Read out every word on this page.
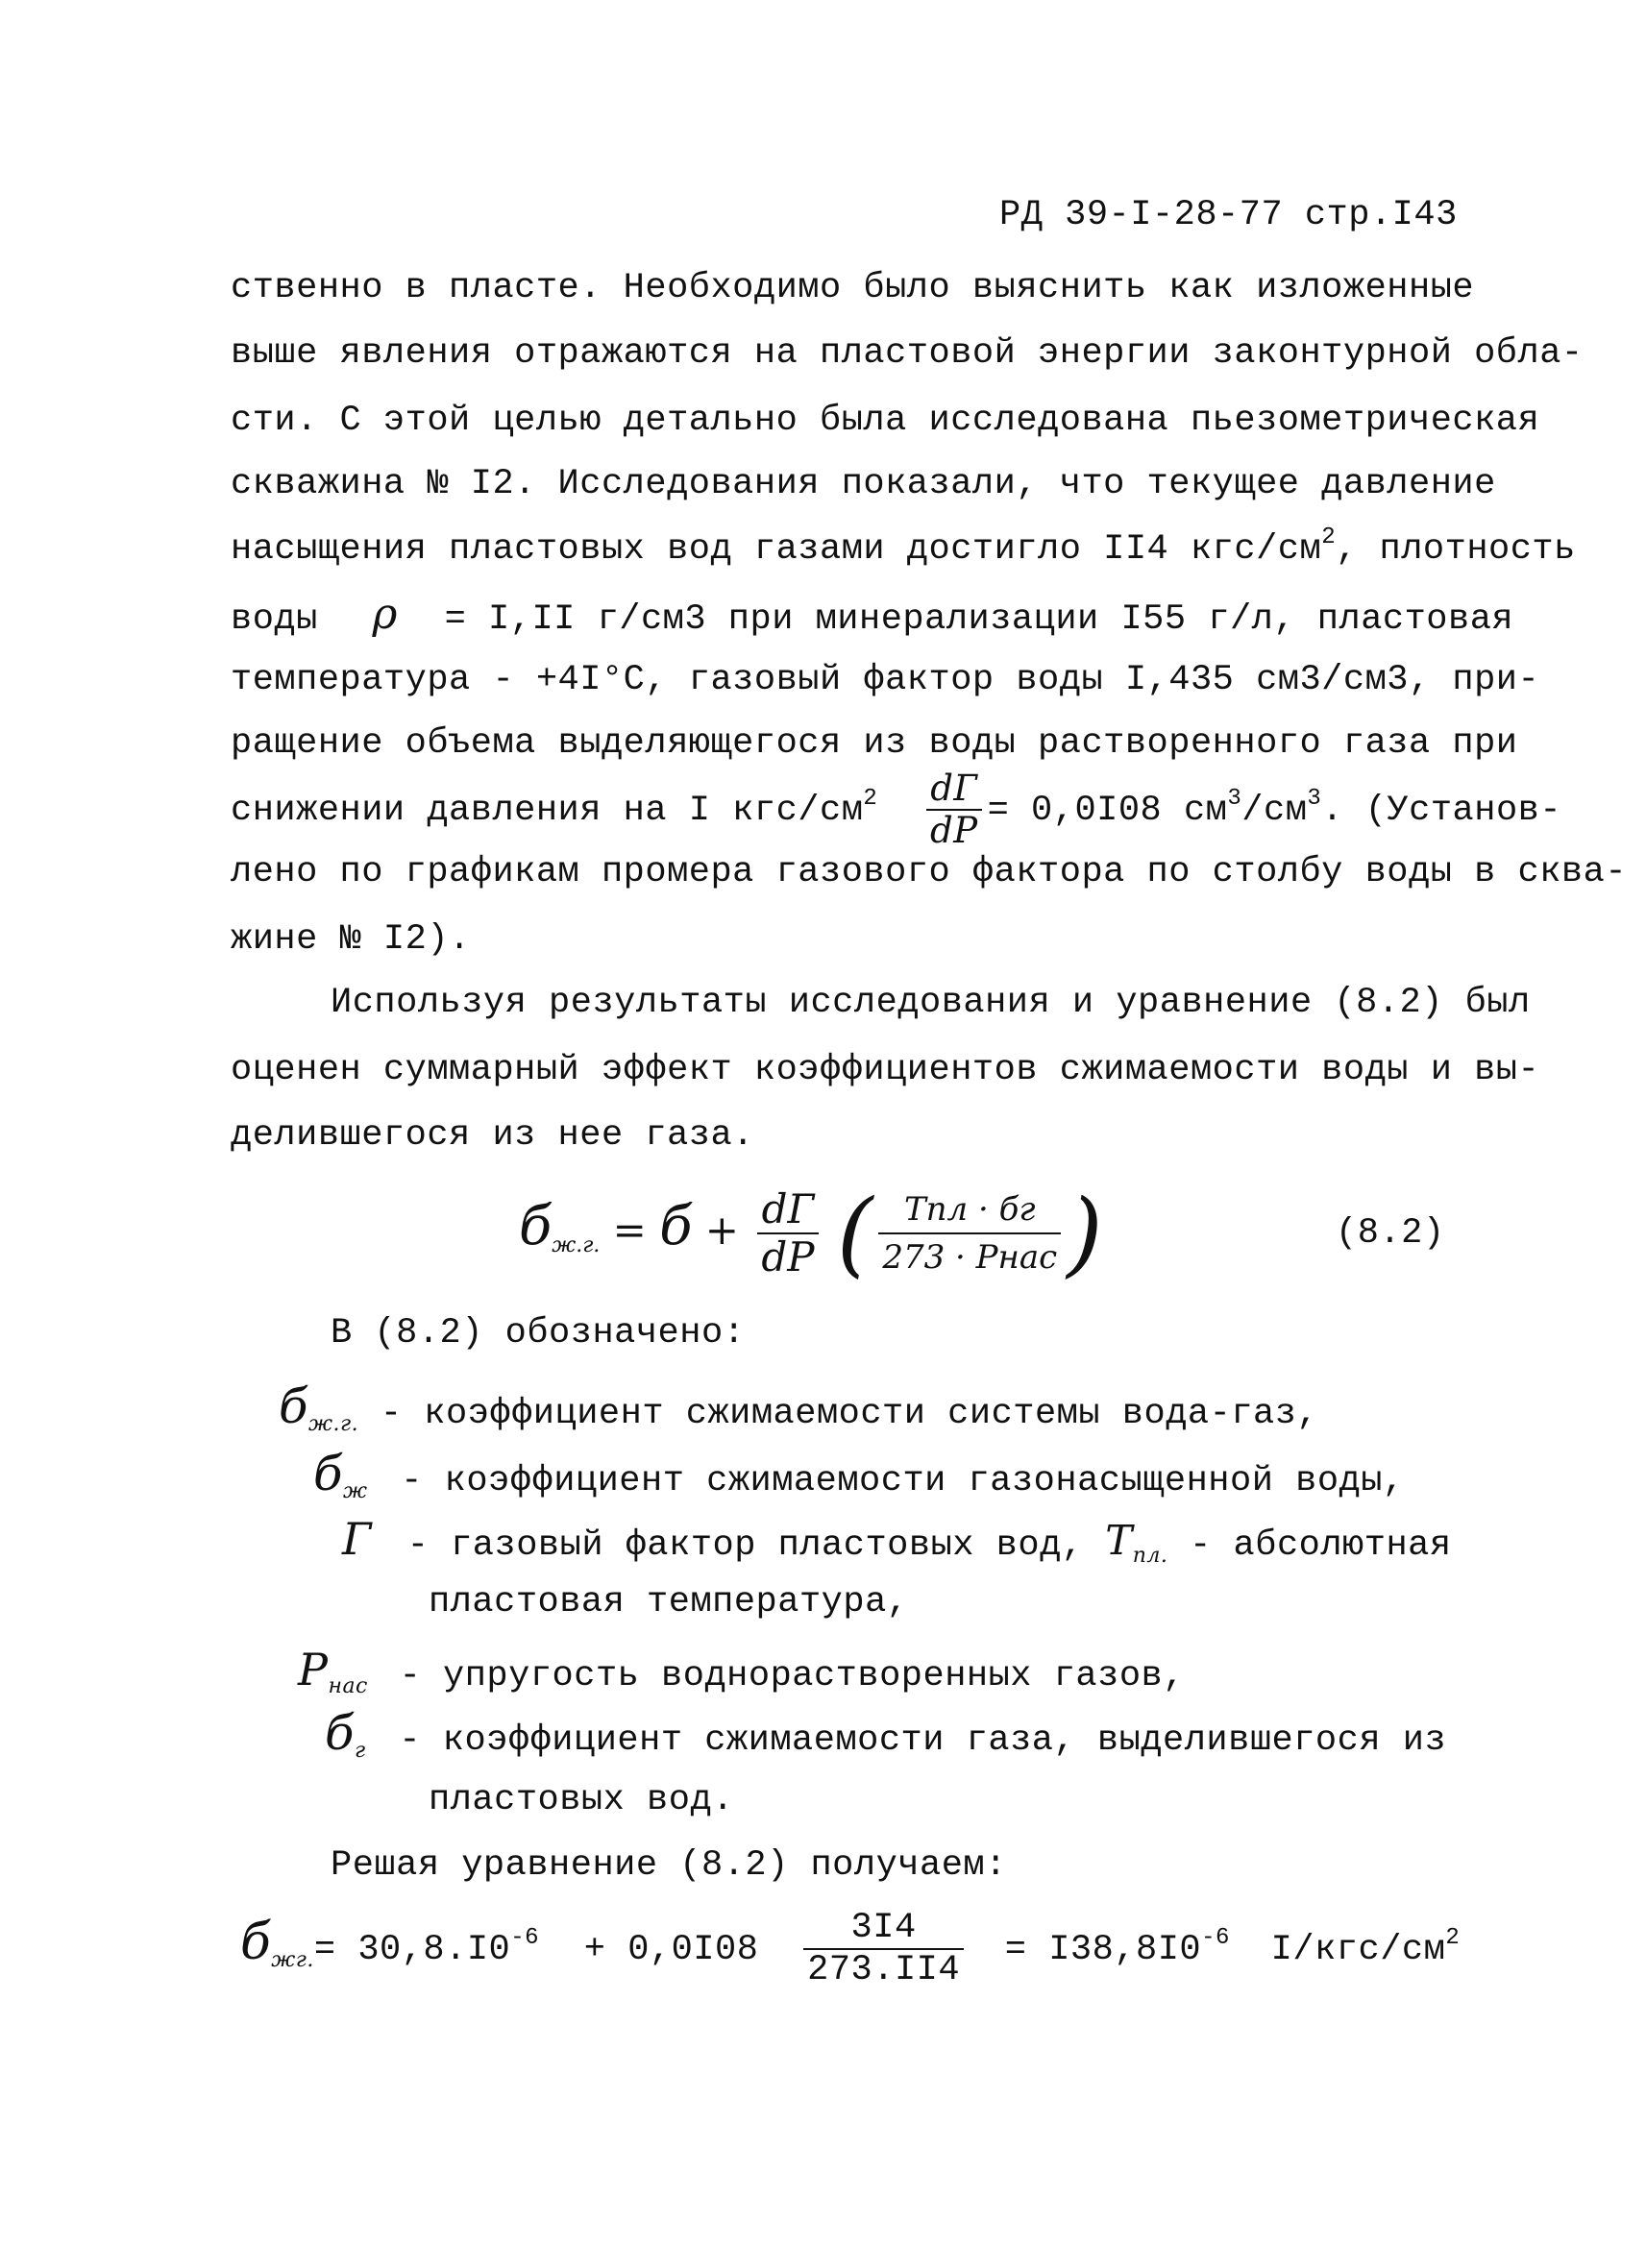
РД 39-I-28-77 стр.I43
ственно в пласте. Необходимо было выяснить как изложенные
выше явления отражаются на пластовой энергии законтурной обла-
сти. С этой целью детально была исследована пьезометрическая
скважина № I2. Исследования показали, что текущее давление
насыщения пластовых вод газами достигло II4 кгс/$см^2$, плотность
воды ρ = I,II г/см3 при минерализации I55 г/л, пластовая
температура - +4I°С, газовый фактор воды I,435 см3/см3, при-
ращение объема выделяющегося из воды растворенного газа при
снижении давления на I кгс/$см^2 \frac{dГ}{dP} = 0,0I08$ $см^3/см^3$. (Установ-
лено по графикам промера газового фактора по столбу воды в сква-
жине № I2).
Используя результаты исследования и уравнение (8.2) был
оценен суммарный эффект коэффициентов сжимаемости воды и вы-
делившегося из нее газа.
$б_{ж.г.} = б + \frac{dГ}{dP}$ ( $\frac{\text{Tпл · бг}}{\text{273 · Pнас}}$ )	(8.2)
В (8.2) обозначено:
$б_{ж.г.}$ - коэффициент сжимаемости системы вода-газ,
$б_ж$ - коэффициент сжимаемости газонасыщенной воды,
Г - газовый фактор пластовых вод, $T_{пл.}$ - абсолютная
пластовая температура,
$P_{нас}$ - упругость воднорастворенных газов,
$б_г$ - коэффициент сжимаемости газа, выделившегося из
пластовых вод.
Решая уравнение (8.2) получаем:
$б_{жг.}= 30,8.I0^{-6} + 0,0I08 \frac{3I4}{273.II4} = I38,8I0^{-6}$ $I/кгс/см^2$
